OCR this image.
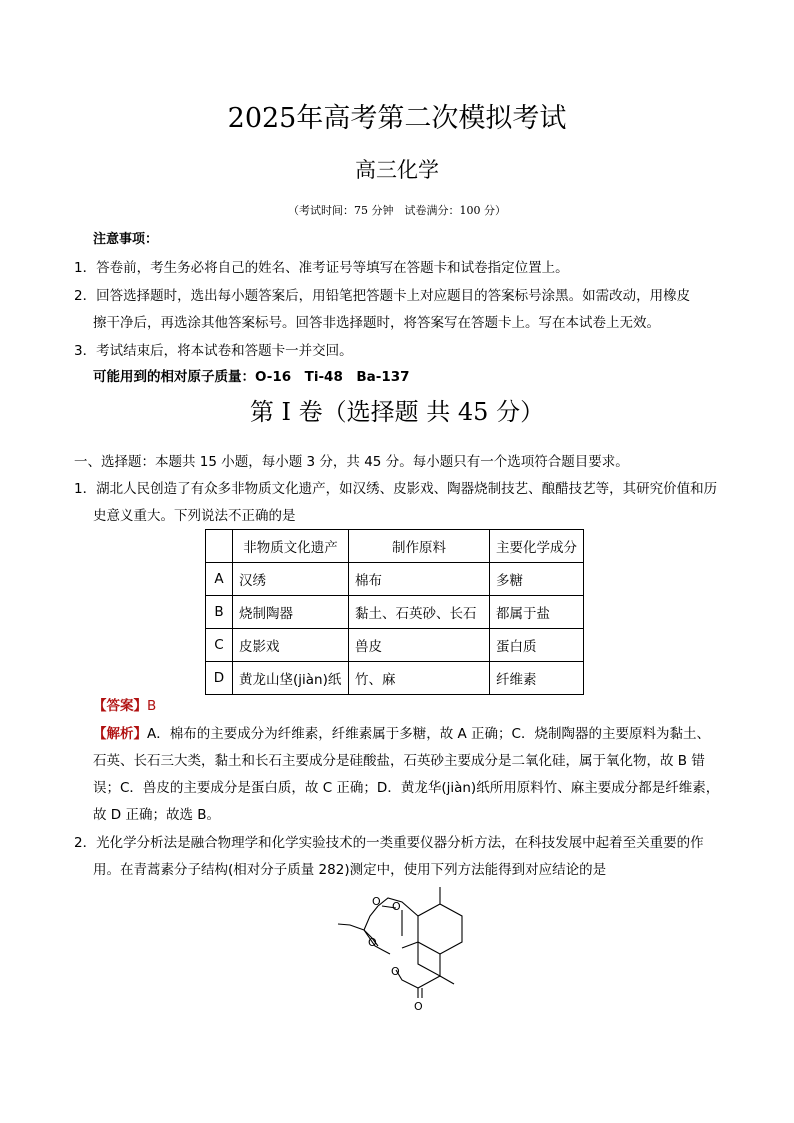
2025年高考第二次模拟考试
高三化学
（考试时间：75 分钟　试卷满分：100 分）
注意事项：
1．答卷前，考生务必将自己的姓名、准考证号等填写在答题卡和试卷指定位置上。
2．回答选择题时，选出每小题答案后，用铅笔把答题卡上对应题目的答案标号涂黑。如需改动，用橡皮
擦干净后，再选涂其他答案标号。回答非选择题时，将答案写在答题卡上。写在本试卷上无效。
3．考试结束后，将本试卷和答题卡一并交回。
可能用到的相对原子质量：O-16　Ti-48　Ba-137
第 I 卷（选择题 共 45 分）
一、选择题：本题共 15 小题，每小题 3 分，共 45 分。每小题只有一个选项符合题目要求。
1．湖北人民创造了有众多非物质文化遗产，如汉绣、皮影戏、陶器烧制技艺、酿醋技艺等，其研究价值和历
史意义重大。下列说法不正确的是
	非物质文化遗产	制作原料	主要化学成分
A	汉绣	棉布	多糖
B	烧制陶器	黏土、石英砂、长石	都属于盐
C	皮影戏	兽皮	蛋白质
D	黄龙山垡(jiàn)纸	竹、麻	纤维素
【答案】B
【解析】A．棉布的主要成分为纤维素，纤维素属于多糖，故 A 正确；C．烧制陶器的主要原料为黏土、
石英、长石三大类，黏土和长石主要成分是硅酸盐，石英砂主要成分是二氧化硅，属于氧化物，故 B 错
误；C．兽皮的主要成分是蛋白质，故 C 正确；D．黄龙华(jiàn)纸所用原料竹、麻主要成分都是纤维素，
故 D 正确；故选 B。
2．光化学分析法是融合物理学和化学实验技术的一类重要仪器分析方法，在科技发展中起着至关重要的作
用。在青蒿素分子结构(相对分子质量 282)测定中，使用下列方法能得到对应结论的是
O O
O
O
O
